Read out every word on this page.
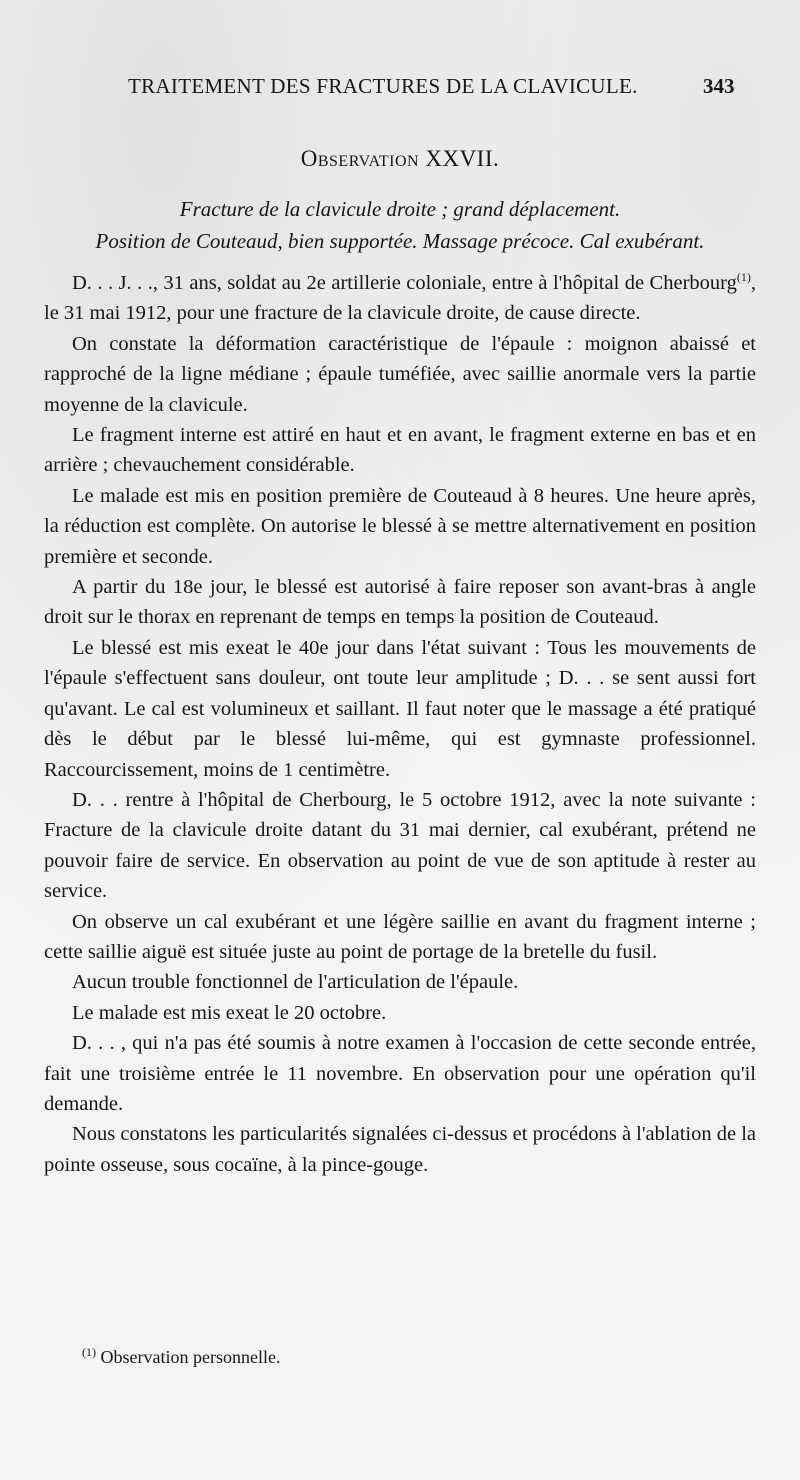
TRAITEMENT DES FRACTURES DE LA CLAVICULE.	343
Observation XXVII.
Fracture de la clavicule droite ; grand déplacement.
Position de Couteaud, bien supportée. Massage précoce. Cal exubérant.

D. . . J. . ., 31 ans, soldat au 2e artillerie coloniale, entre à l'hôpital de Cherbourg$^{(1)}$, le 31 mai 1912, pour une fracture de la clavicule droite, de cause directe.

On constate la déformation caractéristique de l'épaule : moignon abaissé et rapproché de la ligne médiane ; épaule tuméfiée, avec saillie anormale vers la partie moyenne de la clavicule.

Le fragment interne est attiré en haut et en avant, le fragment externe en bas et en arrière ; chevauchement considérable.

Le malade est mis en position première de Couteaud à 8 heures. Une heure après, la réduction est complète. On autorise le blessé à se mettre alternativement en position première et seconde.

A partir du 18e jour, le blessé est autorisé à faire reposer son avant-bras à angle droit sur le thorax en reprenant de temps en temps la position de Couteaud.

Le blessé est mis exeat le 40e jour dans l'état suivant : Tous les mouvements de l'épaule s'effectuent sans douleur, ont toute leur amplitude ; D. . . se sent aussi fort qu'avant. Le cal est volumineux et saillant. Il faut noter que le massage a été pratiqué dès le début par le blessé lui-même, qui est gymnaste professionnel. Raccourcissement, moins de 1 centimètre.

D. . . rentre à l'hôpital de Cherbourg, le 5 octobre 1912, avec la note suivante : Fracture de la clavicule droite datant du 31 mai dernier, cal exubérant, prétend ne pouvoir faire de service. En observation au point de vue de son aptitude à rester au service.

On observe un cal exubérant et une légère saillie en avant du fragment interne ; cette saillie aiguë est située juste au point de portage de la bretelle du fusil.

Aucun trouble fonctionnel de l'articulation de l'épaule.

Le malade est mis exeat le 20 octobre.

D. . . , qui n'a pas été soumis à notre examen à l'occasion de cette seconde entrée, fait une troisième entrée le 11 novembre. En observation pour une opération qu'il demande.

Nous constatons les particularités signalées ci-dessus et procédons à l'ablation de la pointe osseuse, sous cocaïne, à la pince-gouge.

$^{(1)}$ Observation personnelle.
